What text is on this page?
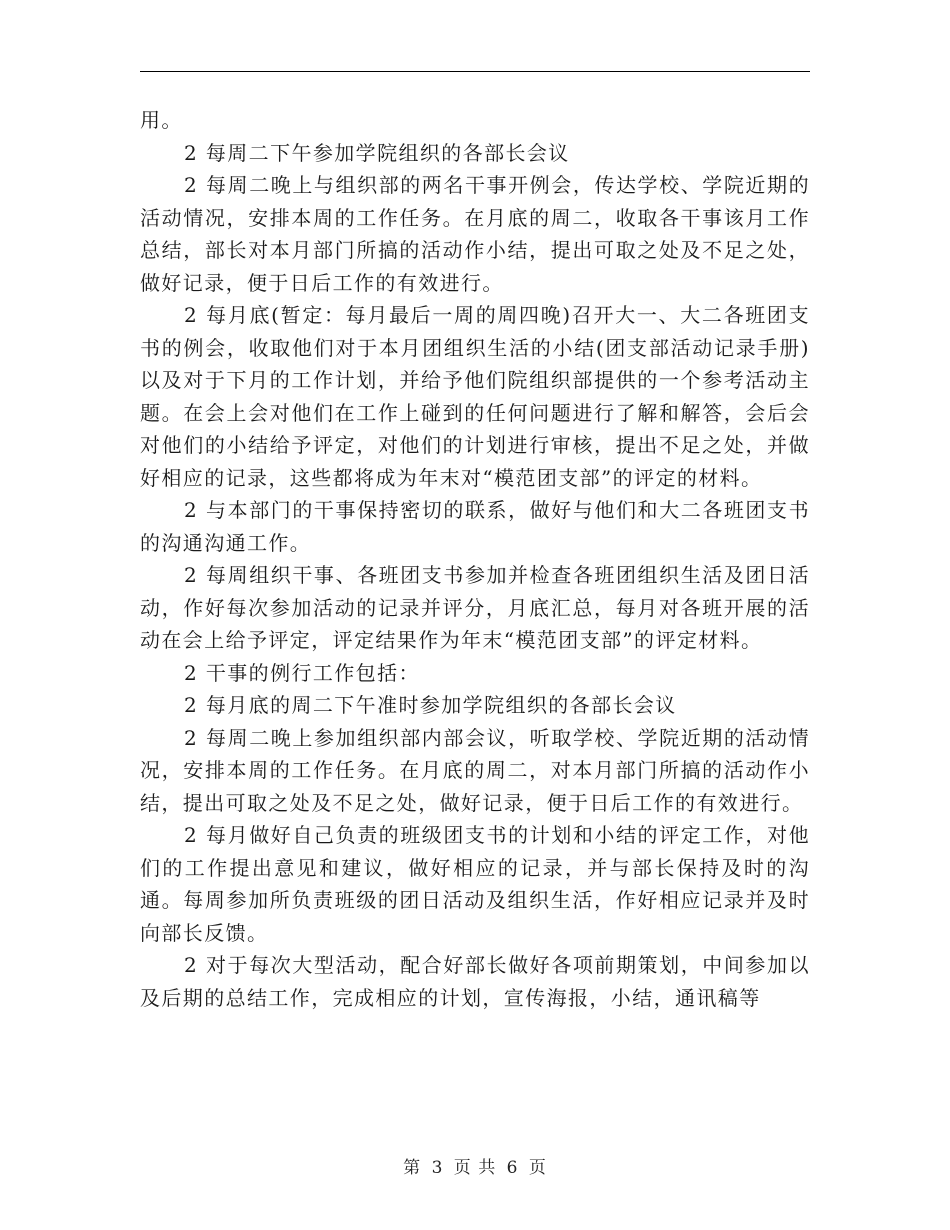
用。

2 每周二下午参加学院组织的各部长会议

2 每周二晚上与组织部的两名干事开例会，传达学校、学院近期的活动情况，安排本周的工作任务。在月底的周二，收取各干事该月工作总结，部长对本月部门所搞的活动作小结，提出可取之处及不足之处，做好记录，便于日后工作的有效进行。

2 每月底(暂定：每月最后一周的周四晚)召开大一、大二各班团支书的例会，收取他们对于本月团组织生活的小结(团支部活动记录手册)以及对于下月的工作计划，并给予他们院组织部提供的一个参考活动主题。在会上会对他们在工作上碰到的任何问题进行了解和解答，会后会对他们的小结给予评定，对他们的计划进行审核，提出不足之处，并做好相应的记录，这些都将成为年末对“模范团支部”的评定的材料。

2 与本部门的干事保持密切的联系，做好与他们和大二各班团支书的沟通沟通工作。

2 每周组织干事、各班团支书参加并检查各班团组织生活及团日活动，作好每次参加活动的记录并评分，月底汇总，每月对各班开展的活动在会上给予评定，评定结果作为年末“模范团支部”的评定材料。

2 干事的例行工作包括：

2 每月底的周二下午准时参加学院组织的各部长会议

2 每周二晚上参加组织部内部会议，听取学校、学院近期的活动情况，安排本周的工作任务。在月底的周二，对本月部门所搞的活动作小结，提出可取之处及不足之处，做好记录，便于日后工作的有效进行。

2 每月做好自己负责的班级团支书的计划和小结的评定工作，对他们的工作提出意见和建议，做好相应的记录，并与部长保持及时的沟通。每周参加所负责班级的团日活动及组织生活，作好相应记录并及时向部长反馈。

2 对于每次大型活动，配合好部长做好各项前期策划，中间参加以及后期的总结工作，完成相应的计划，宣传海报，小结，通讯稿等

第 3 页 共 6 页
